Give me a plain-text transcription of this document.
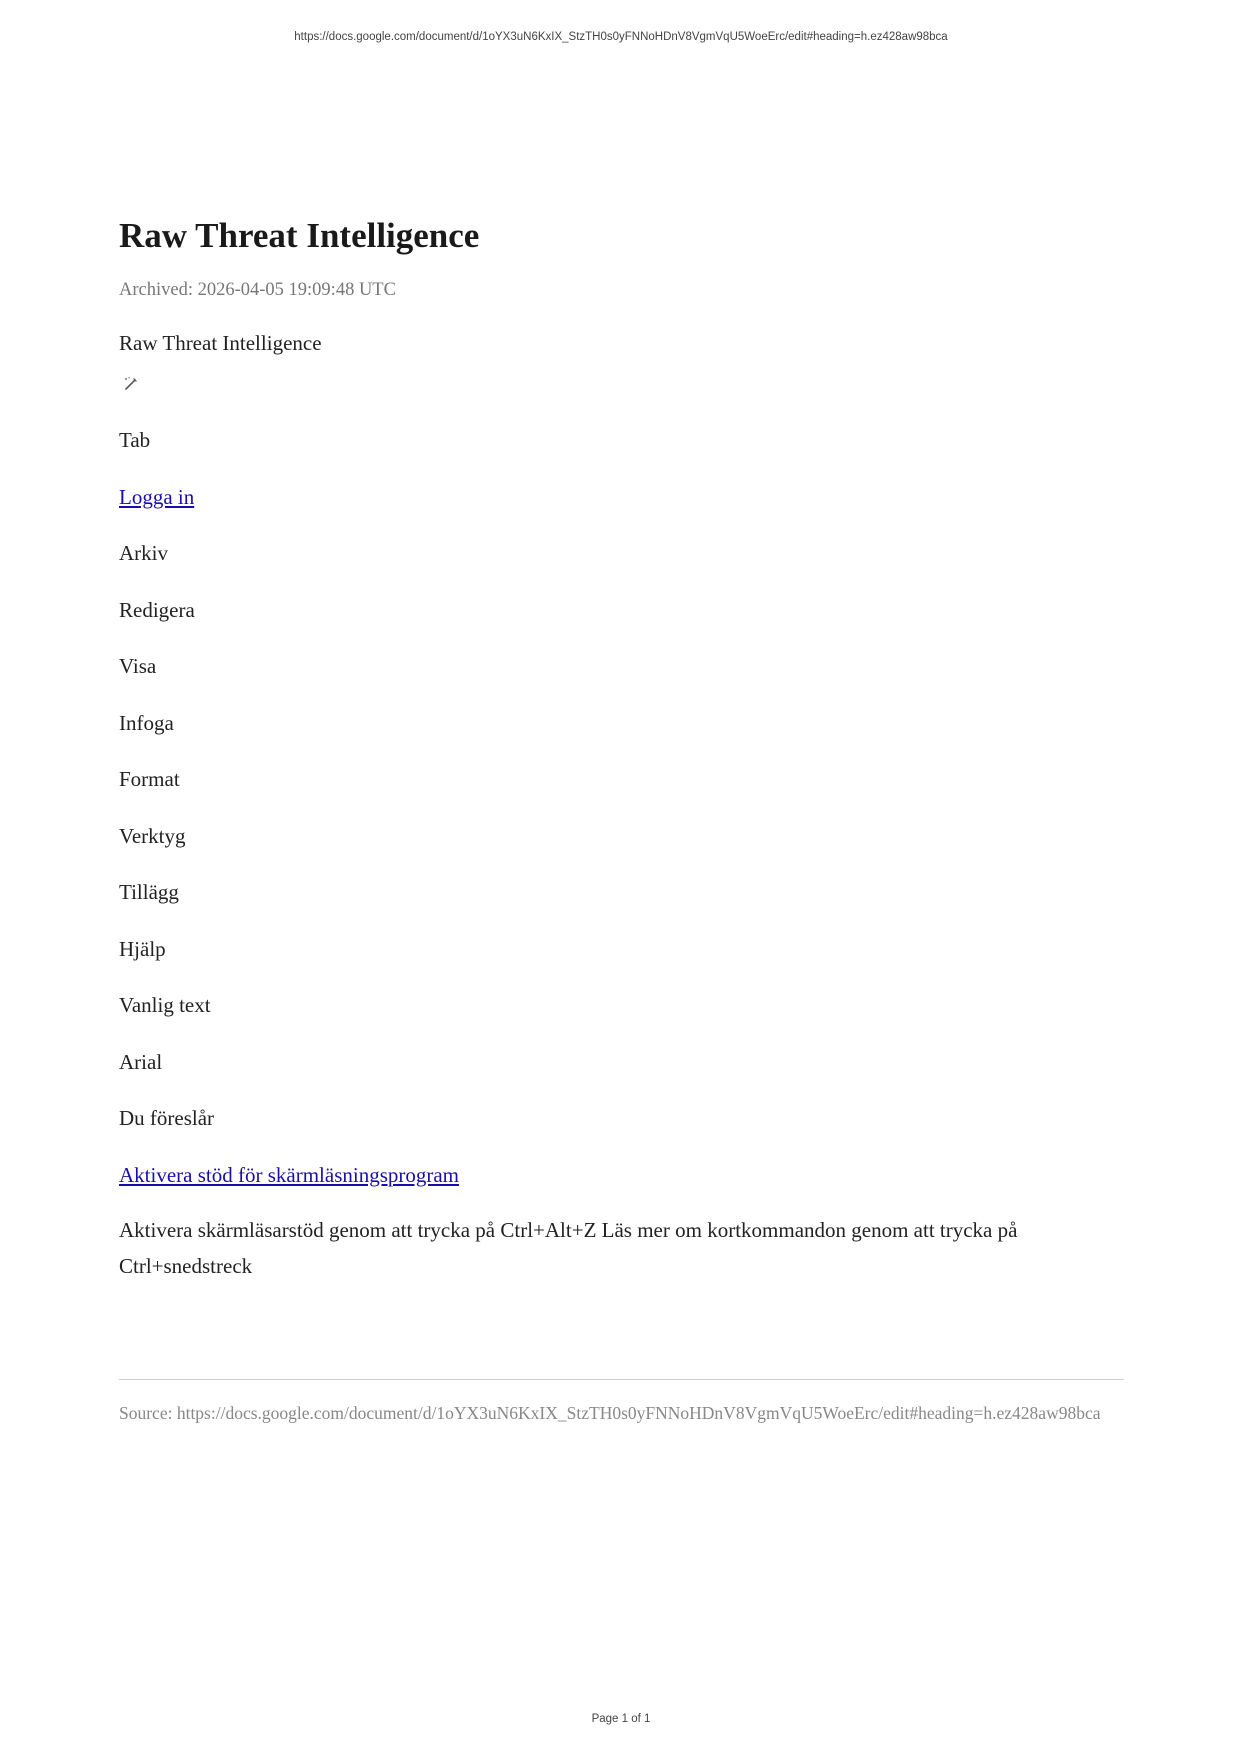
https://docs.google.com/document/d/1oYX3uN6KxIX_StzTH0s0yFNNoHDnV8VgmVqU5WoeErc/edit#heading=h.ez428aw98bca
Raw Threat Intelligence
Archived: 2026-04-05 19:09:48 UTC

Raw Threat Intelligence

Tab

Logga in

Arkiv

Redigera

Visa

Infoga

Format

Verktyg

Tillägg

Hjälp

Vanlig text

Arial

Du föreslår

Aktivera stöd för skärmläsningsprogram

Aktivera skärmläsarstöd genom att trycka på Ctrl+Alt+Z Läs mer om kortkommandon genom att trycka på Ctrl+snedstreck

Source: https://docs.google.com/document/d/1oYX3uN6KxIX_StzTH0s0yFNNoHDnV8VgmVqU5WoeErc/edit#heading=h.ez428aw98bca
Page 1 of 1
